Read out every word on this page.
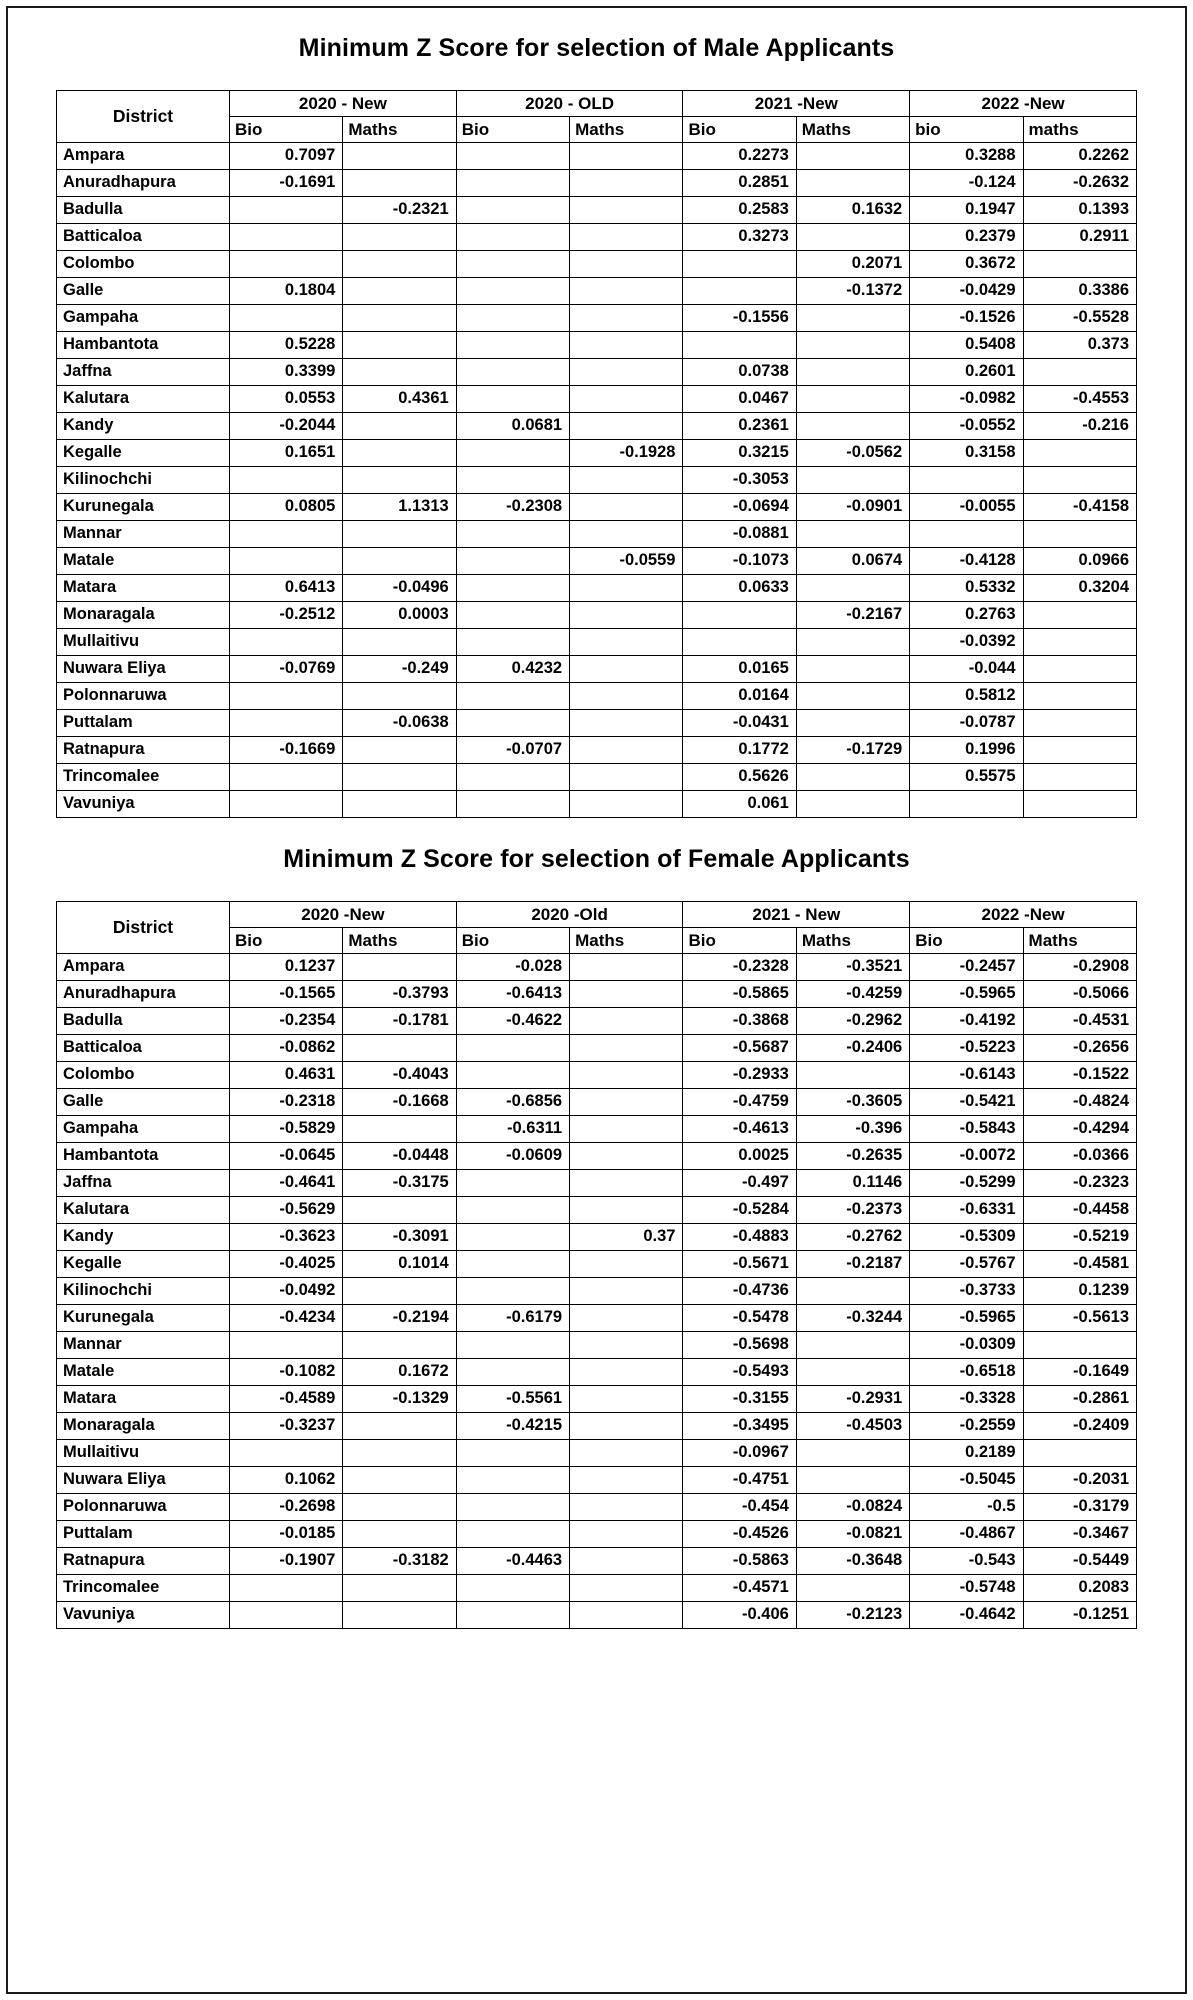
Minimum Z Score for selection of Male Applicants
District	2020 - New		2020 - OLD		2021 -New		2022 -New	
	Bio	Maths	Bio	Maths	Bio	Maths	bio	maths
Ampara	0.7097				0.2273		0.3288	0.2262
Anuradhapura	-0.1691				0.2851		-0.124	-0.2632
Badulla		-0.2321			0.2583	0.1632	0.1947	0.1393
Batticaloa					0.3273		0.2379	0.2911
Colombo						0.2071	0.3672	
Galle	0.1804					-0.1372	-0.0429	0.3386
Gampaha					-0.1556		-0.1526	-0.5528
Hambantota	0.5228						0.5408	0.373
Jaffna	0.3399				0.0738		0.2601	
Kalutara	0.0553	0.4361			0.0467		-0.0982	-0.4553
Kandy	-0.2044		0.0681		0.2361		-0.0552	-0.216
Kegalle	0.1651			-0.1928	0.3215	-0.0562	0.3158	
Kilinochchi					-0.3053			
Kurunegala	0.0805	1.1313	-0.2308		-0.0694	-0.0901	-0.0055	-0.4158
Mannar					-0.0881			
Matale				-0.0559	-0.1073	0.0674	-0.4128	0.0966
Matara	0.6413	-0.0496			0.0633		0.5332	0.3204
Monaragala	-0.2512	0.0003				-0.2167	0.2763	
Mullaitivu							-0.0392	
Nuwara Eliya	-0.0769	-0.249	0.4232		0.0165		-0.044	
Polonnaruwa					0.0164		0.5812	
Puttalam		-0.0638			-0.0431		-0.0787	
Ratnapura	-0.1669		-0.0707		0.1772	-0.1729	0.1996	
Trincomalee					0.5626		0.5575	
Vavuniya					0.061			
Minimum Z Score for selection of Female Applicants
District	2020 -New		2020 -Old		2021 - New		2022 -New	
	Bio	Maths	Bio	Maths	Bio	Maths	Bio	Maths
Ampara	0.1237		-0.028		-0.2328	-0.3521	-0.2457	-0.2908
Anuradhapura	-0.1565	-0.3793	-0.6413		-0.5865	-0.4259	-0.5965	-0.5066
Badulla	-0.2354	-0.1781	-0.4622		-0.3868	-0.2962	-0.4192	-0.4531
Batticaloa	-0.0862				-0.5687	-0.2406	-0.5223	-0.2656
Colombo	0.4631	-0.4043			-0.2933		-0.6143	-0.1522
Galle	-0.2318	-0.1668	-0.6856		-0.4759	-0.3605	-0.5421	-0.4824
Gampaha	-0.5829		-0.6311		-0.4613	-0.396	-0.5843	-0.4294
Hambantota	-0.0645	-0.0448	-0.0609		0.0025	-0.2635	-0.0072	-0.0366
Jaffna	-0.4641	-0.3175			-0.497	0.1146	-0.5299	-0.2323
Kalutara	-0.5629				-0.5284	-0.2373	-0.6331	-0.4458
Kandy	-0.3623	-0.3091		0.37	-0.4883	-0.2762	-0.5309	-0.5219
Kegalle	-0.4025	0.1014			-0.5671	-0.2187	-0.5767	-0.4581
Kilinochchi	-0.0492				-0.4736		-0.3733	0.1239
Kurunegala	-0.4234	-0.2194	-0.6179		-0.5478	-0.3244	-0.5965	-0.5613
Mannar					-0.5698		-0.0309	
Matale	-0.1082	0.1672			-0.5493		-0.6518	-0.1649
Matara	-0.4589	-0.1329	-0.5561		-0.3155	-0.2931	-0.3328	-0.2861
Monaragala	-0.3237		-0.4215		-0.3495	-0.4503	-0.2559	-0.2409
Mullaitivu					-0.0967		0.2189	
Nuwara Eliya	0.1062				-0.4751		-0.5045	-0.2031
Polonnaruwa	-0.2698				-0.454	-0.0824	-0.5	-0.3179
Puttalam	-0.0185				-0.4526	-0.0821	-0.4867	-0.3467
Ratnapura	-0.1907	-0.3182	-0.4463		-0.5863	-0.3648	-0.543	-0.5449
Trincomalee					-0.4571		-0.5748	0.2083
Vavuniya					-0.406	-0.2123	-0.4642	-0.1251
